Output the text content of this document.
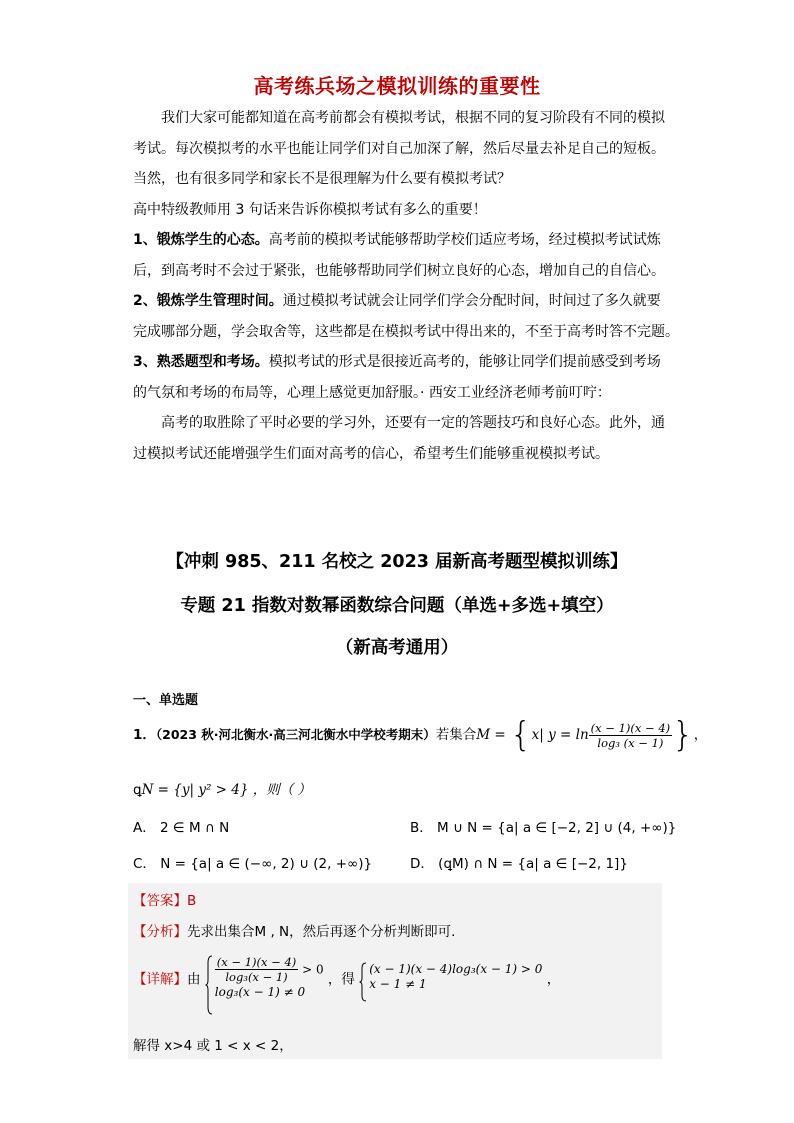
高考练兵场之模拟训练的重要性
我们大家可能都知道在高考前都会有模拟考试，根据不同的复习阶段有不同的模拟
考试。每次模拟考的水平也能让同学们对自己加深了解，然后尽量去补足自己的短板。
当然，也有很多同学和家长不是很理解为什么要有模拟考试？
高中特级教师用 3 句话来告诉你模拟考试有多么的重要！
1、锻炼学生的心态。高考前的模拟考试能够帮助学校们适应考场，经过模拟考试试炼
后，到高考时不会过于紧张，也能够帮助同学们树立良好的心态，增加自己的自信心。
2、锻炼学生管理时间。通过模拟考试就会让同学们学会分配时间，时间过了多久就要
完成哪部分题，学会取舍等，这些都是在模拟考试中得出来的，不至于高考时答不完题。
3、熟悉题型和考场。模拟考试的形式是很接近高考的，能够让同学们提前感受到考场
的气氛和考场的布局等，心理上感觉更加舒服。· 西安工业经济老师考前叮咛：
高考的取胜除了平时必要的学习外，还要有一定的答题技巧和良好心态。此外，通
过模拟考试还能增强学生们面对高考的信心，希望考生们能够重视模拟考试。
【冲刺 985、211 名校之 2023 届新高考题型模拟训练】
专题 21 指数对数幂函数综合问题（单选+多选+填空）
（新高考通用）
一、单选题
1．（2023 秋·河北衡水·高三河北衡水中学校考期末）若集合M = {x| $y = \ln \frac{(x - 1)(x - 4)}{\text{log₃ (x − 1)}}$ }，
ꝗN = {y| y² > 4} ，则（ ）
A． 2 ∈ M ∩ N	B． M ∪ N = {a| a ∈ [−2, 2] ∪ (4, +∞)}
C． N = {a| a ∈ (−∞, 2) ∪ (2, +∞)}	D． (ꝗM) ∩ N = {a| a ∈ [−2, 1]}
【答案】B
【分析】先求出集合M , N，然后再逐个分析判断即可.
【详解】由 $\frac{(x - 1)(x - 4)}{\text{log₃(x − 1)}} > 0$
log₃(x − 1) ≠ 0
，得
(x − 1)(x − 4)log₃(x − 1) > 0
x − 1 ≠ 1	，
解得 x>4 或 1 < x < 2，
